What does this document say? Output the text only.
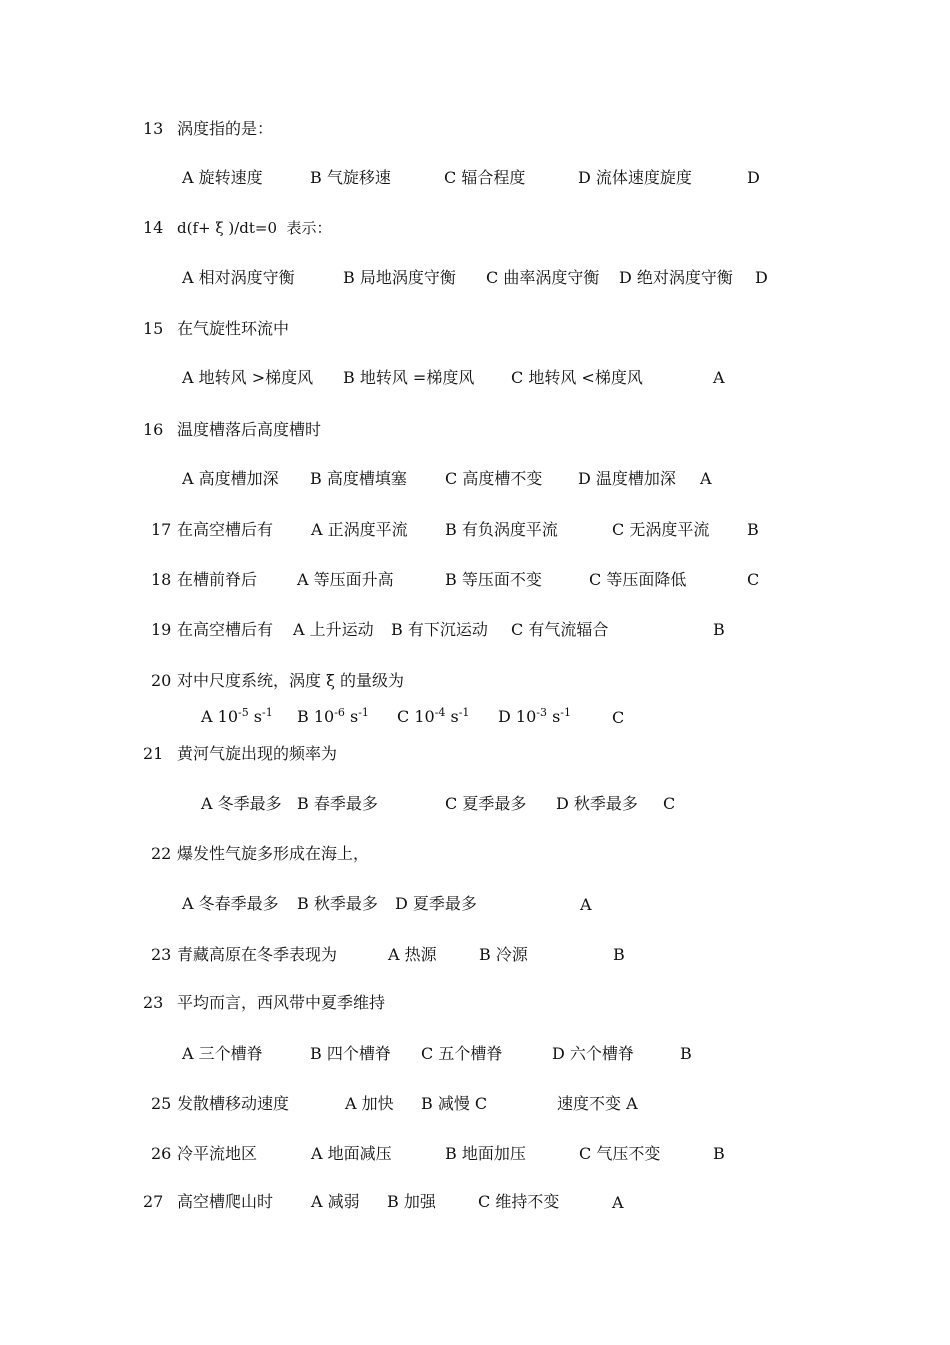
13 涡度指的是：
A 旋转速度	B 气旋移速	C 辐合程度	D 流体速度旋度	D
14 d(f+ ξ )/dt=0  表示：
A 相对涡度守衡	B 局地涡度守衡 C 曲率涡度守衡 D 绝对涡度守衡 D
15 在气旋性环流中
A 地转风 >梯度风 B 地转风 =梯度风 C 地转风 <梯度风	A
16 温度槽落后高度槽时
A 高度槽加深 B 高度槽填塞 C 高度槽不变 D 温度槽加深 A
17 在高空槽后有 A 正涡度平流 B 有负涡度平流	C 无涡度平流 B
18 在槽前脊后 A 等压面升高	B 等压面不变	C 等压面降低	C
19 在高空槽后有 A 上升运动 B 有下沉运动 C 有气流辐合	B
20 对中尺度系统，涡度 ξ 的量级为
A $10^{-5}$ $s^{-1}$ B $10^{-6}$ $s^{-1}$ C $10^{-4}$ $s^{-1}$ D $10^{-3}$ $s^{-1}$	C
21 黄河气旋出现的频率为
A 冬季最多 B 春季最多	C 夏季最多 D 秋季最多 C
22 爆发性气旋多形成在海上，
A 冬春季最多 B 秋季最多 D 夏季最多	A
23 青藏高原在冬季表现为	A 热源	B 冷源	B
23 平均而言，西风带中夏季维持
A 三个槽脊	B 四个槽脊 C 五个槽脊	D 六个槽脊	B
25 发散槽移动速度	A 加快 B 减慢 C	速度不变 A
26 冷平流地区	A 地面减压	B 地面加压	C 气压不变	B
27 高空槽爬山时 A 减弱 B 加强	C 维持不变	A
